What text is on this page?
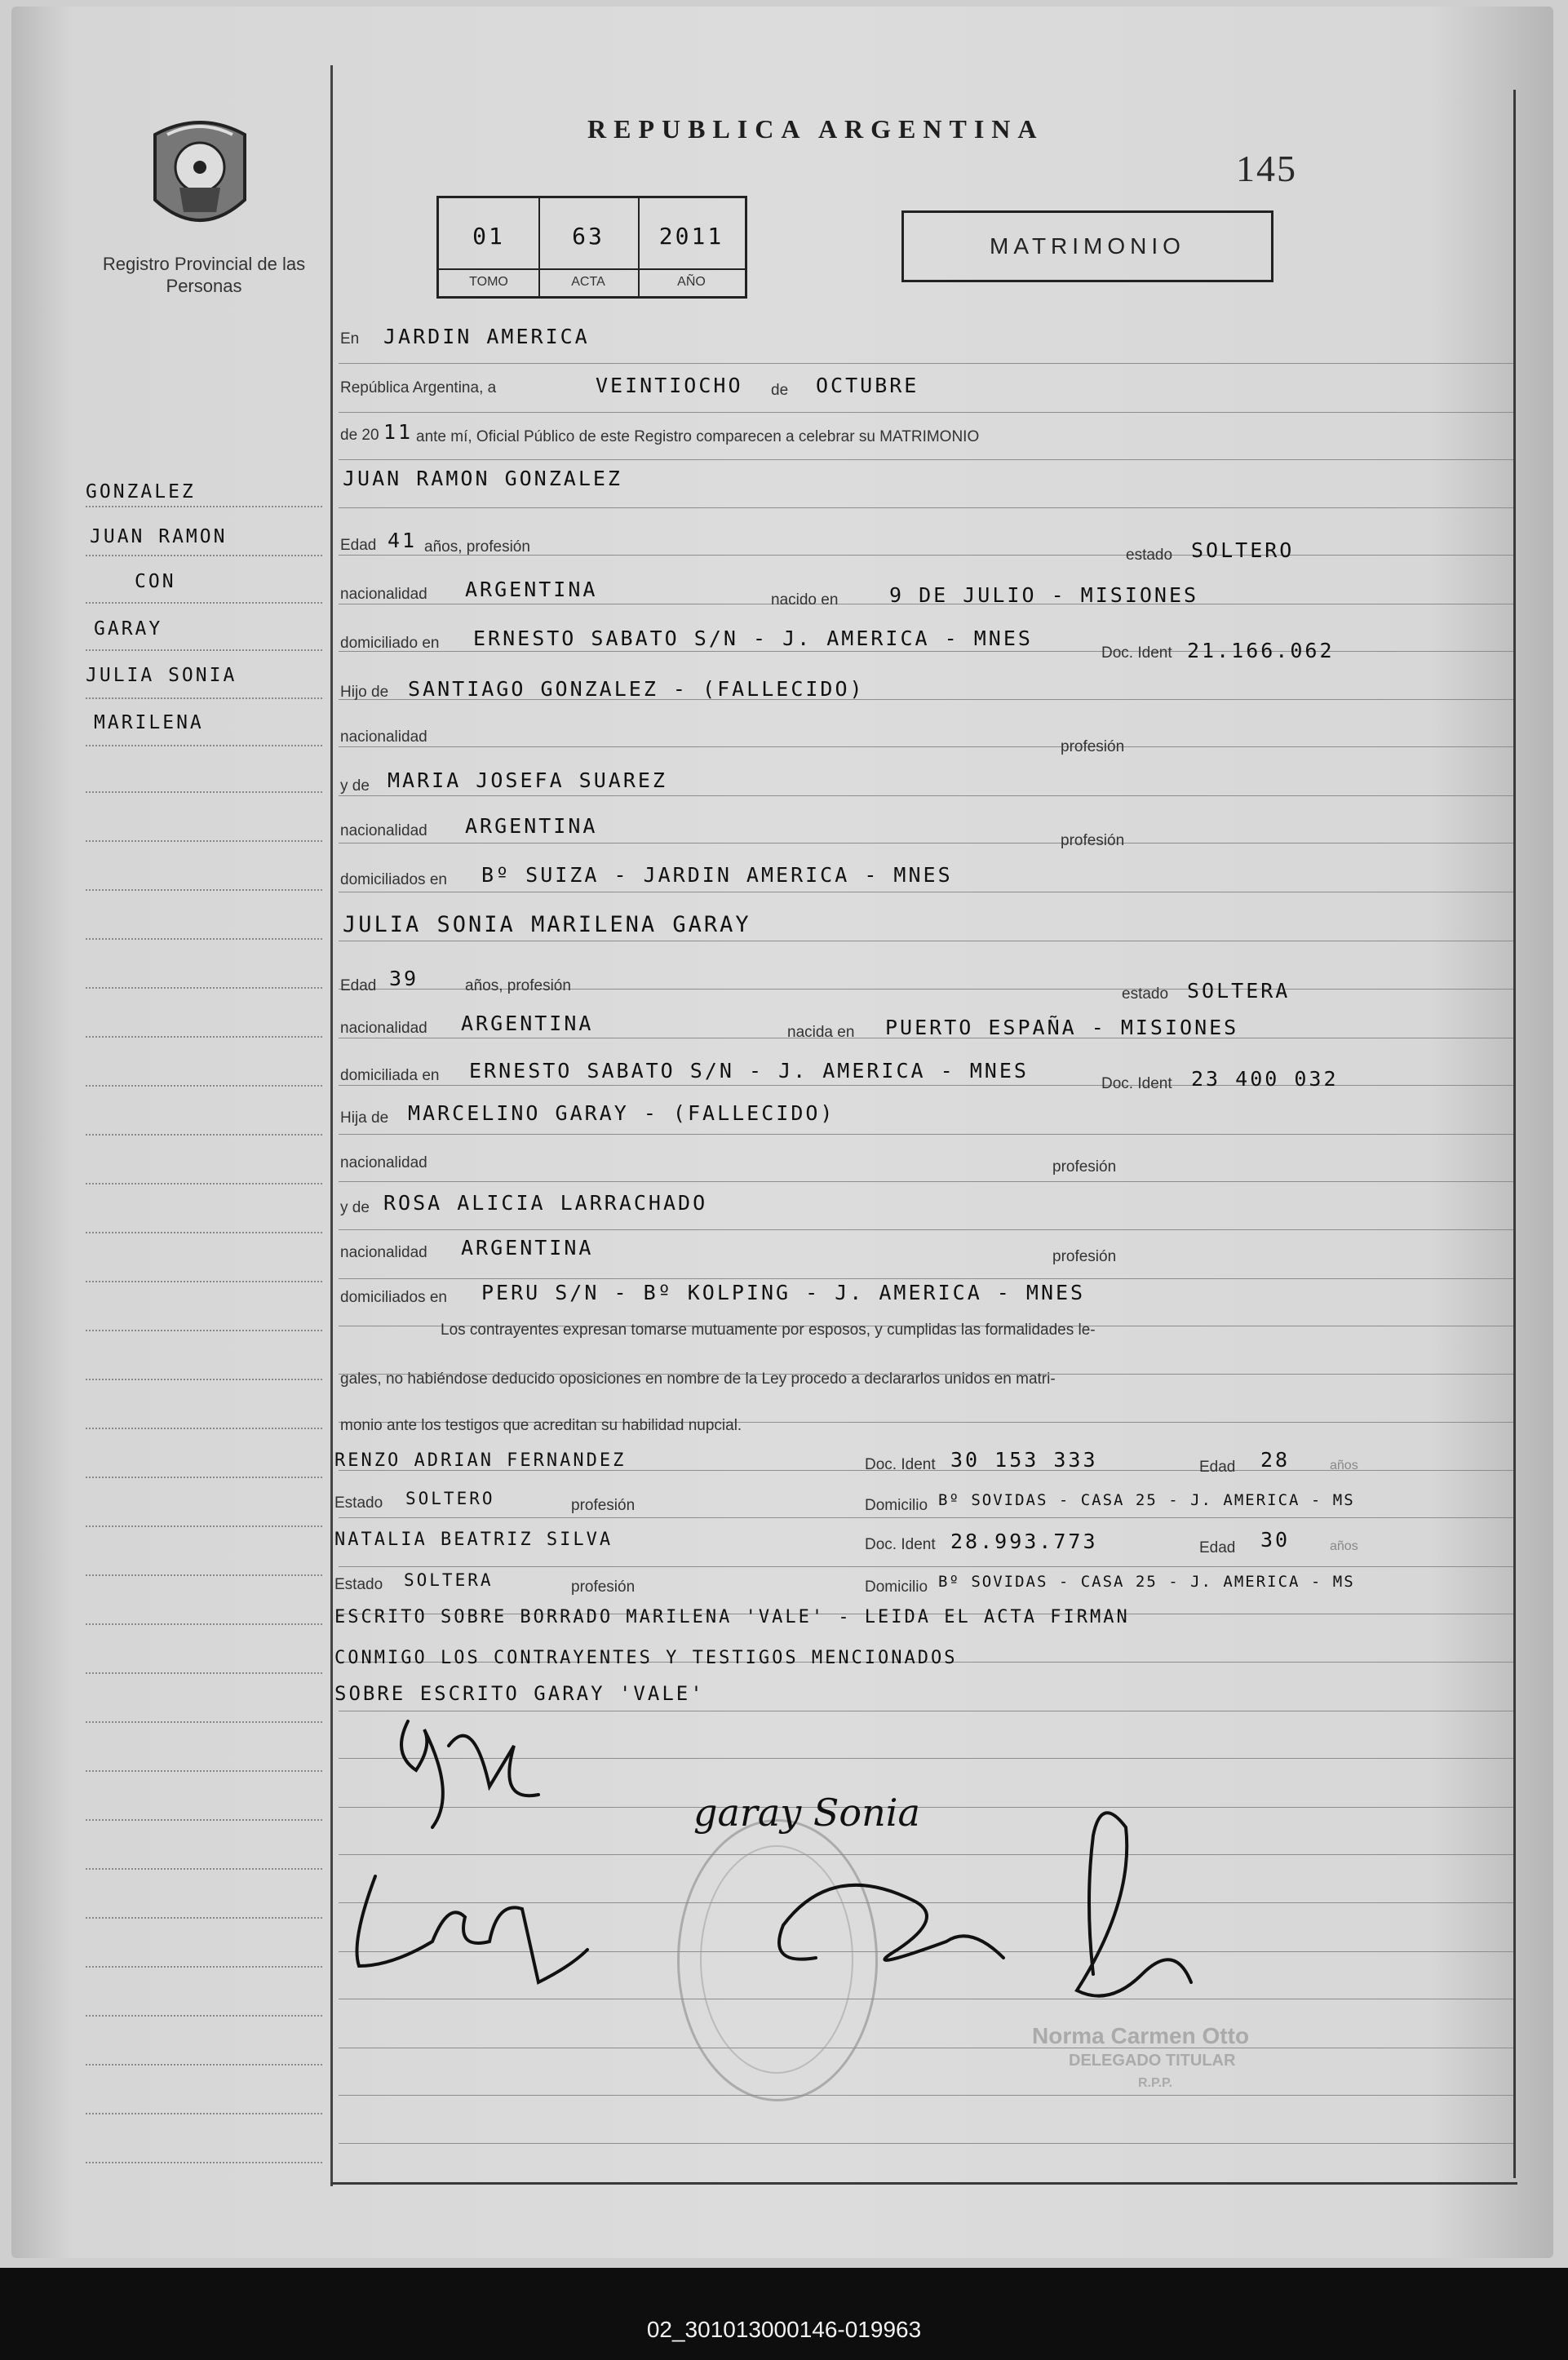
Registro Provincial de las Personas
REPUBLICA ARGENTINA
145
01
TOMO
63
ACTA
2011
AÑO
MATRIMONIO
GONZALEZ
JUAN RAMON
CON
GARAY
JULIA SONIA
MARILENA
En JARDIN AMERICA
República Argentina, a	VEINTIOCHO de OCTUBRE
de 20 11 ante mí, Oficial Público de este Registro comparecen a celebrar su MATRIMONIO
JUAN RAMON GONZALEZ
Edad 41 años, profesión	estado SOLTERO
nacionalidad ARGENTINA	nacido en	9 DE JULIO - MISIONES
domiciliado en ERNESTO SABATO S/N - J. AMERICA - MNES
Doc. Ident 21.166.062
Hijo de SANTIAGO GONZALEZ - (FALLECIDO)
nacionalidad
profesión
y de MARIA JOSEFA SUAREZ
nacionalidad ARGENTINA
profesión
domiciliados en Bº SUIZA - JARDIN AMERICA - MNES
JULIA SONIA MARILENA GARAY
Edad 39	años, profesión	estado SOLTERA
nacionalidad ARGENTINA	nacida en PUERTO ESPAÑA - MISIONES
domiciliada en ERNESTO SABATO S/N - J. AMERICA - MNES
Doc. Ident 23 400 032
Hija de MARCELINO GARAY - (FALLECIDO)
nacionalidad	profesión
y de ROSA ALICIA LARRACHADO
nacionalidad ARGENTINA	profesión
domiciliados en PERU S/N - Bº KOLPING - J. AMERICA - MNES
Los contrayentes expresan tomarse mutuamente por esposos, y cumplidas las formalidades le-
gales, no habiéndose deducido oposiciones en nombre de la Ley procedo a declararlos unidos en matri-
monio ante los testigos que acreditan su habilidad nupcial.
RENZO ADRIAN FERNANDEZ	Doc. Ident 30 153 333	Edad 28	años
Estado SOLTERO	profesión	Domicilio Bº SOVIDAS - CASA 25 - J. AMERICA - MS
NATALIA BEATRIZ SILVA	Doc. Ident 28.993.773	Edad 30	años
Estado SOLTERA	profesión	Domicilio Bº SOVIDAS - CASA 25 - J. AMERICA - MS
ESCRITO SOBRE BORRADO MARILENA 'VALE' - LEIDA EL ACTA FIRMAN
CONMIGO LOS CONTRAYENTES Y TESTIGOS MENCIONADOS
SOBRE ESCRITO GARAY 'VALE'
Norma Carmen Otto
DELEGADO TITULAR
R.P.P.
garay Sonia
02_301013000146-019963
